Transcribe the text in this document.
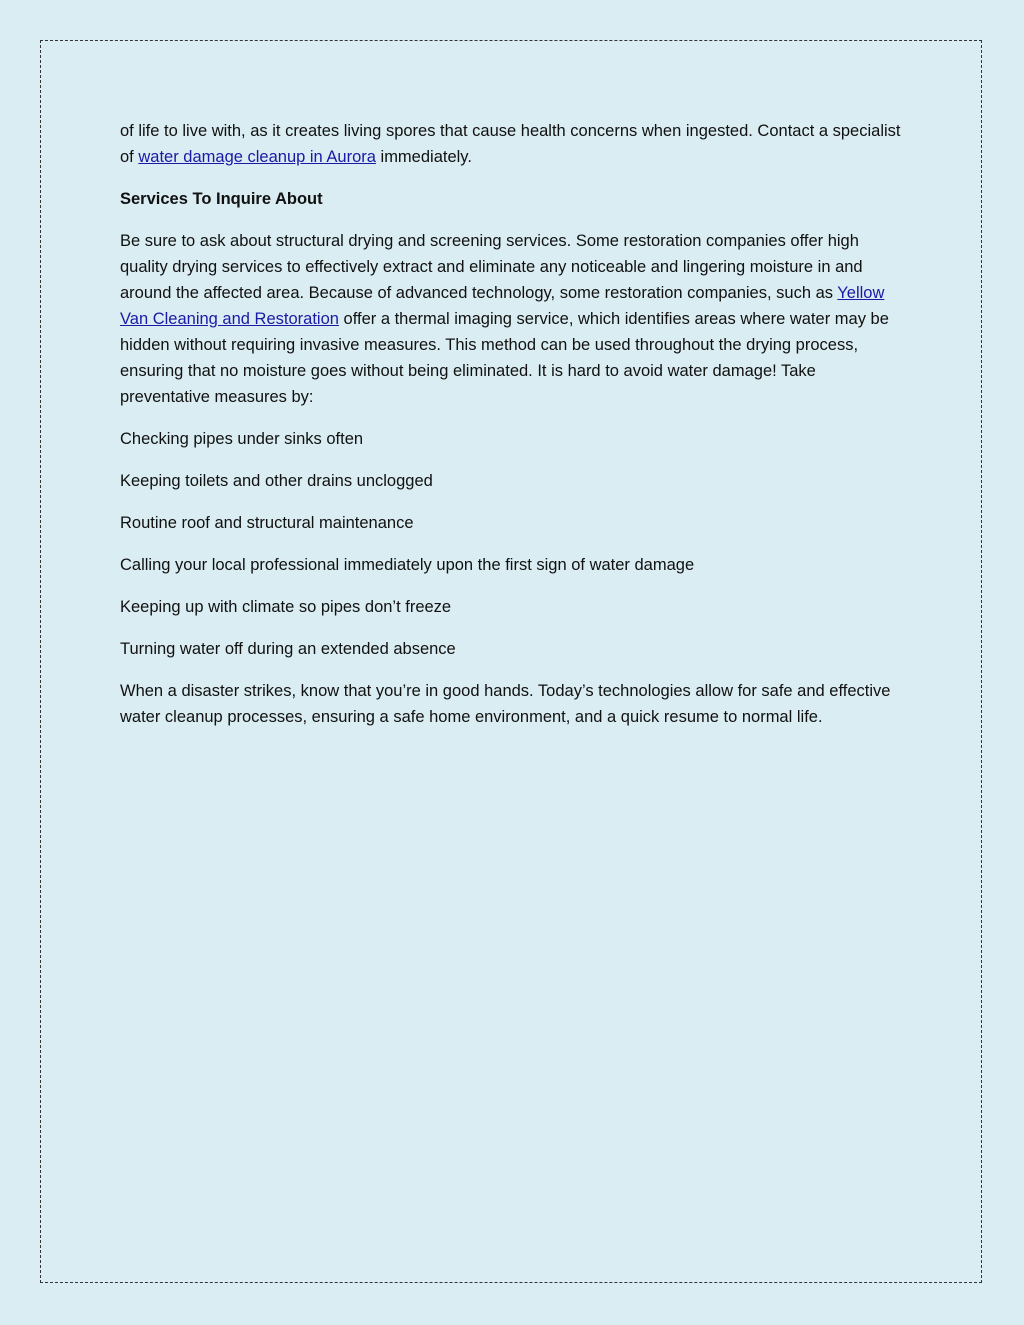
of life to live with, as it creates living spores that cause health concerns when ingested. Contact a specialist of water damage cleanup in Aurora immediately.

Services To Inquire About

Be sure to ask about structural drying and screening services. Some restoration companies offer high quality drying services to effectively extract and eliminate any noticeable and lingering moisture in and around the affected area. Because of advanced technology, some restoration companies, such as Yellow Van Cleaning and Restoration offer a thermal imaging service, which identifies areas where water may be hidden without requiring invasive measures. This method can be used throughout the drying process, ensuring that no moisture goes without being eliminated. It is hard to avoid water damage! Take preventative measures by:

Checking pipes under sinks often

Keeping toilets and other drains unclogged

Routine roof and structural maintenance

Calling your local professional immediately upon the first sign of water damage

Keeping up with climate so pipes don’t freeze

Turning water off during an extended absence

When a disaster strikes, know that you’re in good hands. Today’s technologies allow for safe and effective water cleanup processes, ensuring a safe home environment, and a quick resume to normal life.
